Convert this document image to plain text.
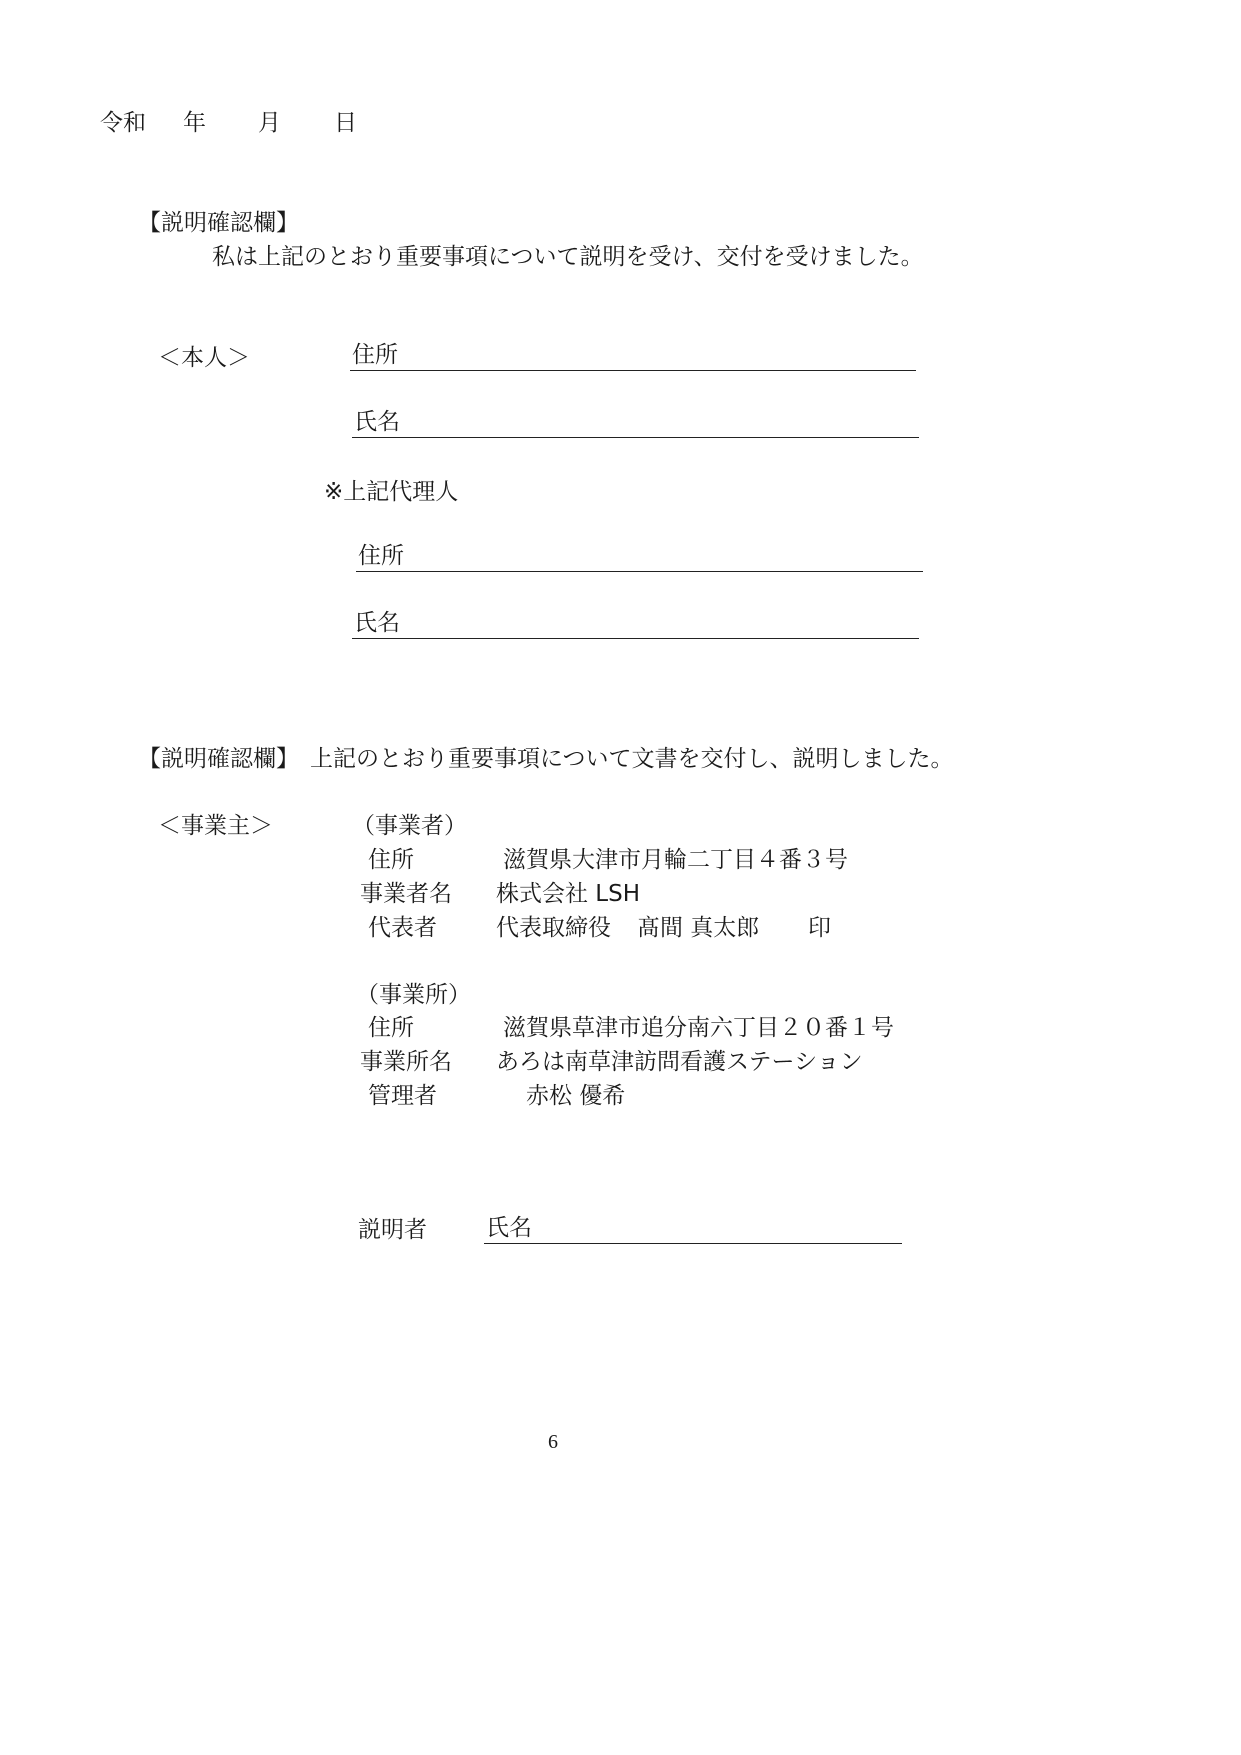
令和 年 月 日
【説明確認欄】
私は上記のとおり重要事項について説明を受け、交付を受けました。
＜本人＞	住所
氏名
※上記代理人
住所
氏名
【説明確認欄】 上記のとおり重要事項について文書を交付し、説明しました。
＜事業主＞	（事業者）
住所	滋賀県大津市月輪二丁目４番３号
事業者名 株式会社 LSH
代表者	代表取締役 髙間 真太郎 印
（事業所）
住所	滋賀県草津市追分南六丁目２０番１号
事業所名 あろは南草津訪問看護ステーション
管理者	赤松 優希
説明者	氏名
6
